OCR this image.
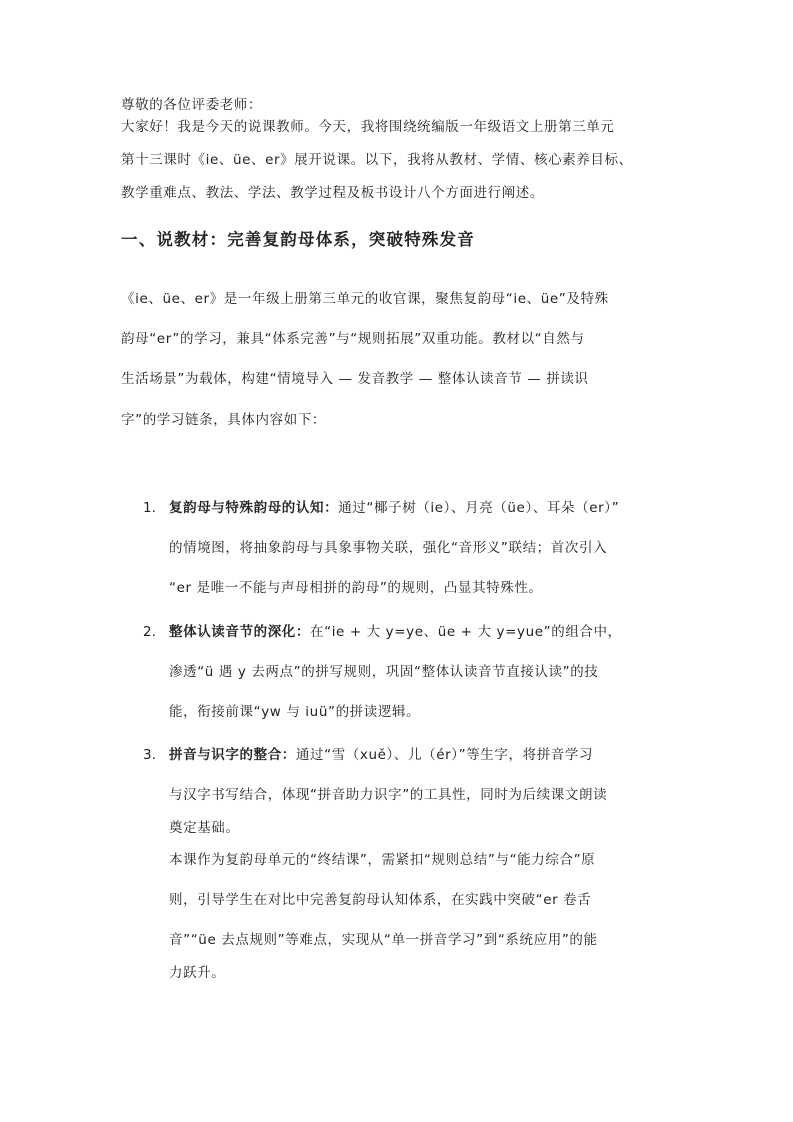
尊敬的各位评委老师：

大家好！我是今天的说课教师。今天，我将围绕统编版一年级语文上册第三单元

第十三课时《ie、üe、er》展开说课。以下，我将从教材、学情、核心素养目标、

教学重难点、教法、学法、教学过程及板书设计八个方面进行阐述。

一、说教材：完善复韵母体系，突破特殊发音

《ie、üe、er》是一年级上册第三单元的收官课，聚焦复韵母“ie、üe”及特殊

韵母“er”的学习，兼具“体系完善”与“规则拓展”双重功能。教材以“自然与

生活场景”为载体，构建“情境导入 — 发音教学 — 整体认读音节 — 拼读识

字”的学习链条，具体内容如下：

1. 复韵母与特殊韵母的认知：通过“椰子树（ie）、月亮（üe）、耳朵（er）”

的情境图，将抽象韵母与具象事物关联，强化“音形义”联结；首次引入

“er 是唯一不能与声母相拼的韵母”的规则，凸显其特殊性。

2. 整体认读音节的深化：在“ie + 大 y=ye、üe + 大 y=yue”的组合中，

渗透“ü 遇 y 去两点”的拼写规则，巩固“整体认读音节直接认读”的技

能，衔接前课“yw 与 iuü”的拼读逻辑。

3. 拼音与识字的整合：通过“雪（xuě）、儿（ér）”等生字，将拼音学习

与汉字书写结合，体现“拼音助力识字”的工具性，同时为后续课文朗读

奠定基础。

本课作为复韵母单元的“终结课”，需紧扣“规则总结”与“能力综合”原

则，引导学生在对比中完善复韵母认知体系，在实践中突破“er 卷舌

音”“üe 去点规则”等难点，实现从“单一拼音学习”到“系统应用”的能

力跃升。
